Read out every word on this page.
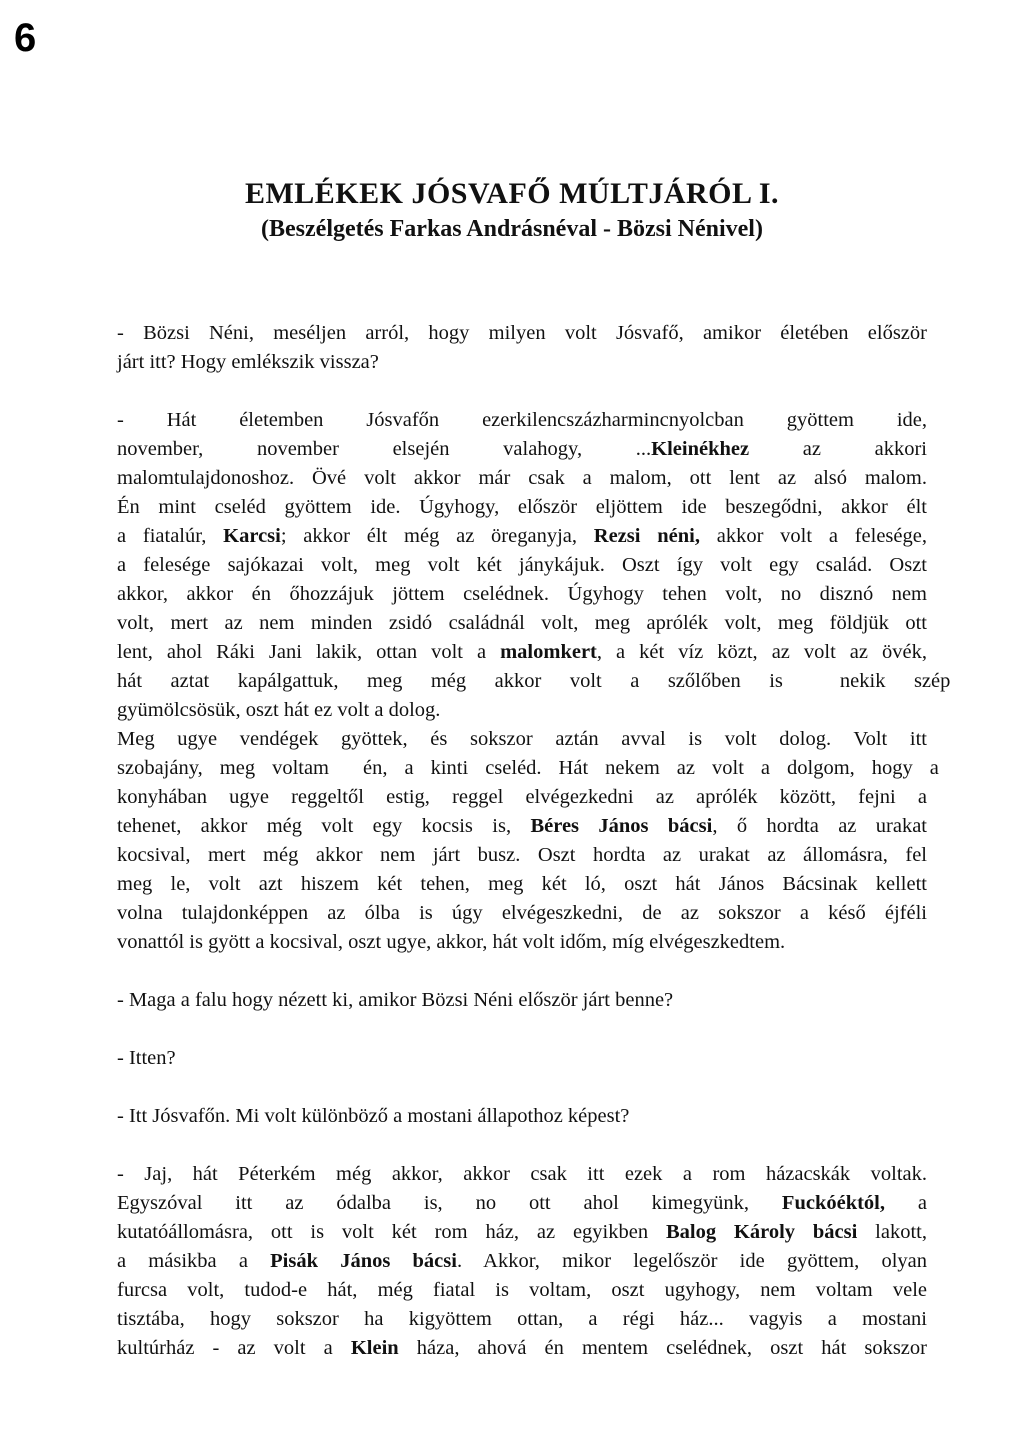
6
EMLÉKEK JÓSVAFŐ MÚLTJÁRÓL I.
(Beszélgetés Farkas Andrásnéval - Bözsi Nénivel)
- Bözsi Néni, meséljen arról, hogy milyen volt Jósvafő, amikor életében először
járt itt? Hogy emlékszik vissza?
- Hát életemben Jósvafőn ezerkilencszázharmincnyolcban gyöttem ide,
november, november elsején valahogy, ...Kleinékhez az akkori
malomtulajdonoshoz. Övé volt akkor már csak a malom, ott lent az alsó malom.
Én mint cseléd gyöttem ide. Úgyhogy, először eljöttem ide beszegődni, akkor élt
a fiatalúr, Karcsi; akkor élt még az öreganyja, Rezsi néni, akkor volt a felesége,
a felesége sajókazai volt, meg volt két jánykájuk. Oszt így volt egy család. Oszt
akkor, akkor én őhozzájuk jöttem cselédnek. Úgyhogy tehen volt, no disznó nem
volt, mert az nem minden zsidó családnál volt, meg aprólék volt, meg földjük ott
lent, ahol Ráki Jani lakik, ottan volt a malomkert, a két víz közt, az volt az övék,
hát aztat kapálgattuk, meg még akkor volt a szőlőben is  nekik szép
gyümölcsösük, oszt hát ez volt a dolog.
Meg ugye vendégek gyöttek, és sokszor aztán avval is volt dolog. Volt itt
szobajány, meg voltam  én, a kinti cseléd. Hát nekem az volt a dolgom, hogy a
konyhában ugye reggeltől estig, reggel elvégezkedni az aprólék között, fejni a
tehenet, akkor még volt egy kocsis is, Béres János bácsi, ő hordta az urakat
kocsival, mert még akkor nem járt busz. Oszt hordta az urakat az állomásra, fel
meg le, volt azt hiszem két tehen, meg két ló, oszt hát János Bácsinak kellett
volna tulajdonképpen az ólba is úgy elvégeszkedni, de az sokszor a késő éjféli
vonattól is gyött a kocsival, oszt ugye, akkor, hát volt időm, míg elvégeszkedtem.
- Maga a falu hogy nézett ki, amikor Bözsi Néni először járt benne?
- Itten?
- Itt Jósvafőn. Mi volt különböző a mostani állapothoz képest?
- Jaj, hát Péterkém még akkor, akkor csak itt ezek a rom házacskák voltak.
Egyszóval itt az ódalba is, no ott ahol kimegyünk, Fuckóéktól, a
kutatóállomásra, ott is volt két rom ház, az egyikben Balog Károly bácsi lakott,
a másikba a Pisák János bácsi. Akkor, mikor legelőször ide gyöttem, olyan
furcsa volt, tudod-e hát, még fiatal is voltam, oszt ugyhogy, nem voltam vele
tisztába, hogy sokszor ha kigyöttem ottan, a régi ház... vagyis a mostani
kultúrház - az volt a Klein háza, ahová én mentem cselédnek, oszt hát sokszor
